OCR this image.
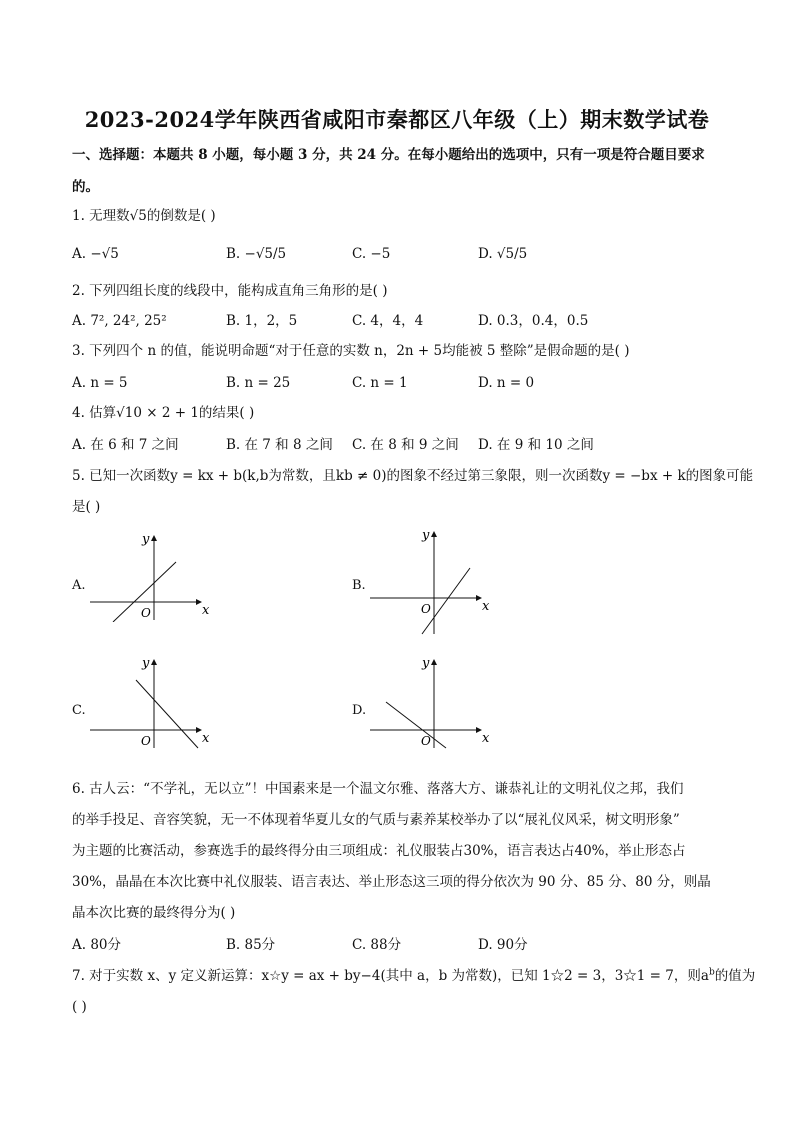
2023-2024学年陕西省咸阳市秦都区八年级（上）期末数学试卷
一、选择题：本题共 8 小题，每小题 3 分，共 24 分。在每小题给出的选项中，只有一项是符合题目要求
的。
1. 无理数√5的倒数是( )
A. −√5	B. −√5/5	C. −5	D. √5/5
2. 下列四组长度的线段中，能构成直角三角形的是( )
A. 7², 24², 25²	B. 1，2，5	C. 4，4，4	D. 0.3，0.4，0.5
3. 下列四个 n 的值，能说明命题“对于任意的实数 n，2n + 5均能被 5 整除”是假命题的是( )
A. n = 5	B. n = 25	C. n = 1	D. n = 0
4. 估算√10 × 2 + 1的结果( )
A. 在 6 和 7 之间	B. 在 7 和 8 之间 C. 在 8 和 9 之间 D. 在 9 和 10 之间
5. 已知一次函数y = kx + b(k,b为常数，且kb ≠ 0)的图象不经过第三象限，则一次函数y = −bx + k的图象可能
是( )
A.
y
x
O
B.
y
x
O
C.
y
x
O
D.
y
x
O
6. 古人云：“不学礼，无以立”！中国素来是一个温文尔雅、落落大方、谦恭礼让的文明礼仪之邦，我们
的举手投足、音容笑貌，无一不体现着华夏儿女的气质与素养某校举办了以“展礼仪风采，树文明形象”
为主题的比赛活动，参赛选手的最终得分由三项组成：礼仪服装占30%，语言表达占40%，举止形态占
30%，晶晶在本次比赛中礼仪服装、语言表达、举止形态这三项的得分依次为 90 分、85 分、80 分，则晶
晶本次比赛的最终得分为( )
A. 80分	B. 85分	C. 88分	D. 90分
7. 对于实数 x、y 定义新运算：x☆y = ax + by−4(其中 a，b 为常数)，已知 1☆2 = 3，3☆1 = 7，则$a^b$的值为
( )
